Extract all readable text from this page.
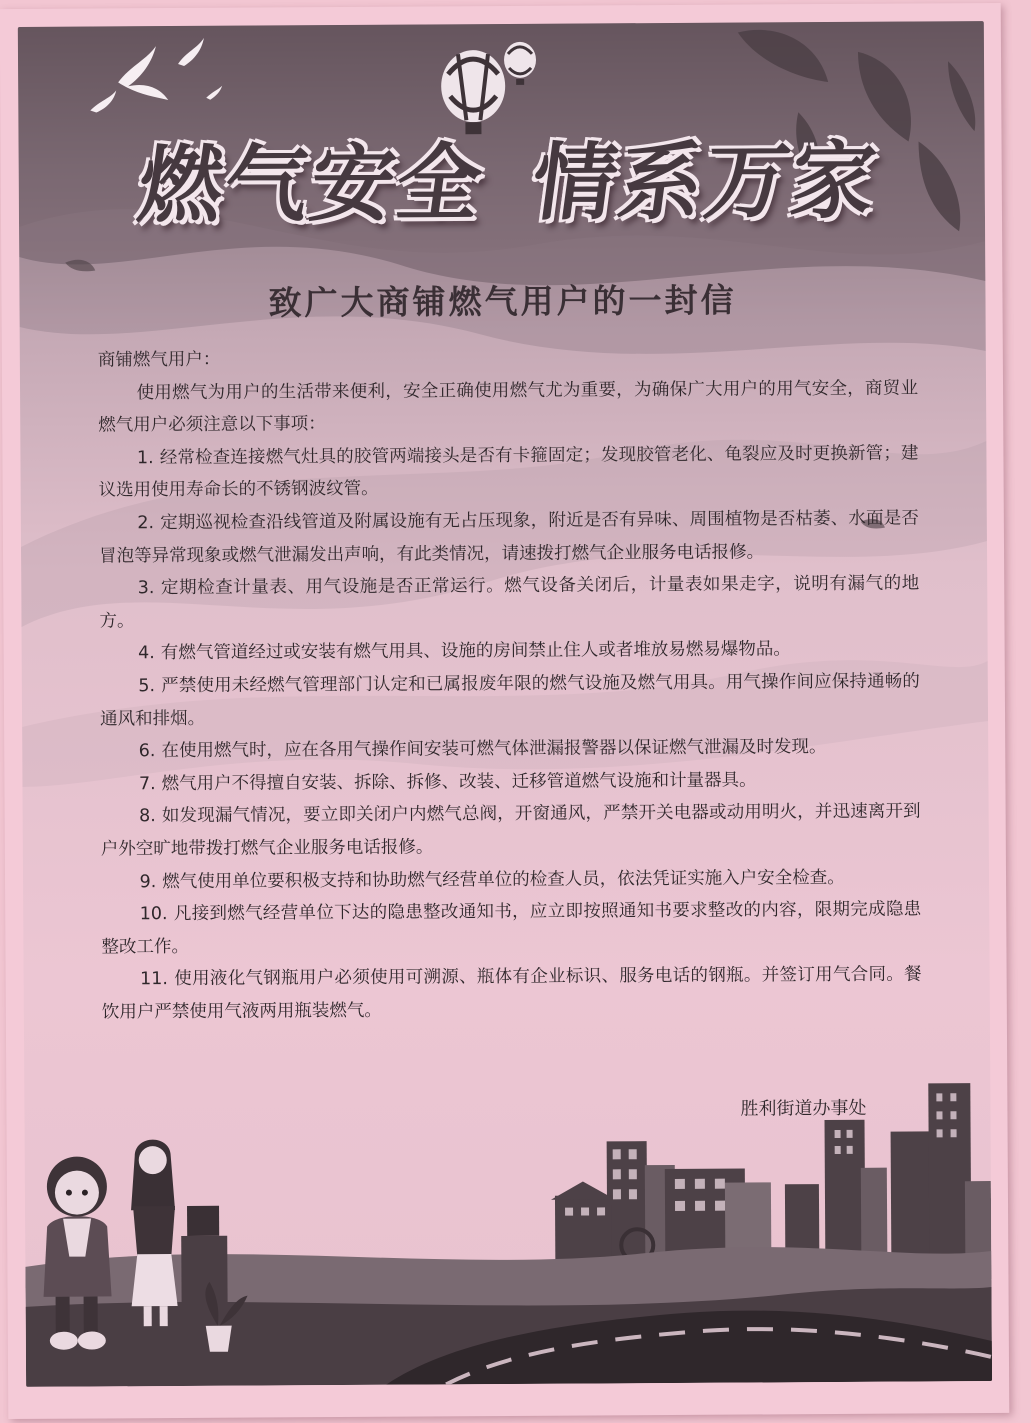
燃气安全 情系万家
致广大商铺燃气用户的一封信

商铺燃气用户：

使用燃气为用户的生活带来便利，安全正确使用燃气尤为重要，为确保广大用户的用气安全，商贸业燃气用户必须注意以下事项：

1. 经常检查连接燃气灶具的胶管两端接头是否有卡箍固定；发现胶管老化、龟裂应及时更换新管；建议选用使用寿命长的不锈钢波纹管。

2. 定期巡视检查沿线管道及附属设施有无占压现象，附近是否有异味、周围植物是否枯萎、水面是否冒泡等异常现象或燃气泄漏发出声响，有此类情况，请速拨打燃气企业服务电话报修。

3. 定期检查计量表、用气设施是否正常运行。燃气设备关闭后，计量表如果走字，说明有漏气的地方。

4. 有燃气管道经过或安装有燃气用具、设施的房间禁止住人或者堆放易燃易爆物品。

5. 严禁使用未经燃气管理部门认定和已属报废年限的燃气设施及燃气用具。用气操作间应保持通畅的通风和排烟。

6. 在使用燃气时，应在各用气操作间安装可燃气体泄漏报警器以保证燃气泄漏及时发现。

7. 燃气用户不得擅自安装、拆除、拆修、改装、迁移管道燃气设施和计量器具。

8. 如发现漏气情况，要立即关闭户内燃气总阀，开窗通风，严禁开关电器或动用明火，并迅速离开到户外空旷地带拨打燃气企业服务电话报修。

9. 燃气使用单位要积极支持和协助燃气经营单位的检查人员，依法凭证实施入户安全检查。

10. 凡接到燃气经营单位下达的隐患整改通知书，应立即按照通知书要求整改的内容，限期完成隐患整改工作。

11. 使用液化气钢瓶用户必须使用可溯源、瓶体有企业标识、服务电话的钢瓶。并签订用气合同。餐饮用户严禁使用气液两用瓶装燃气。

胜利街道办事处
